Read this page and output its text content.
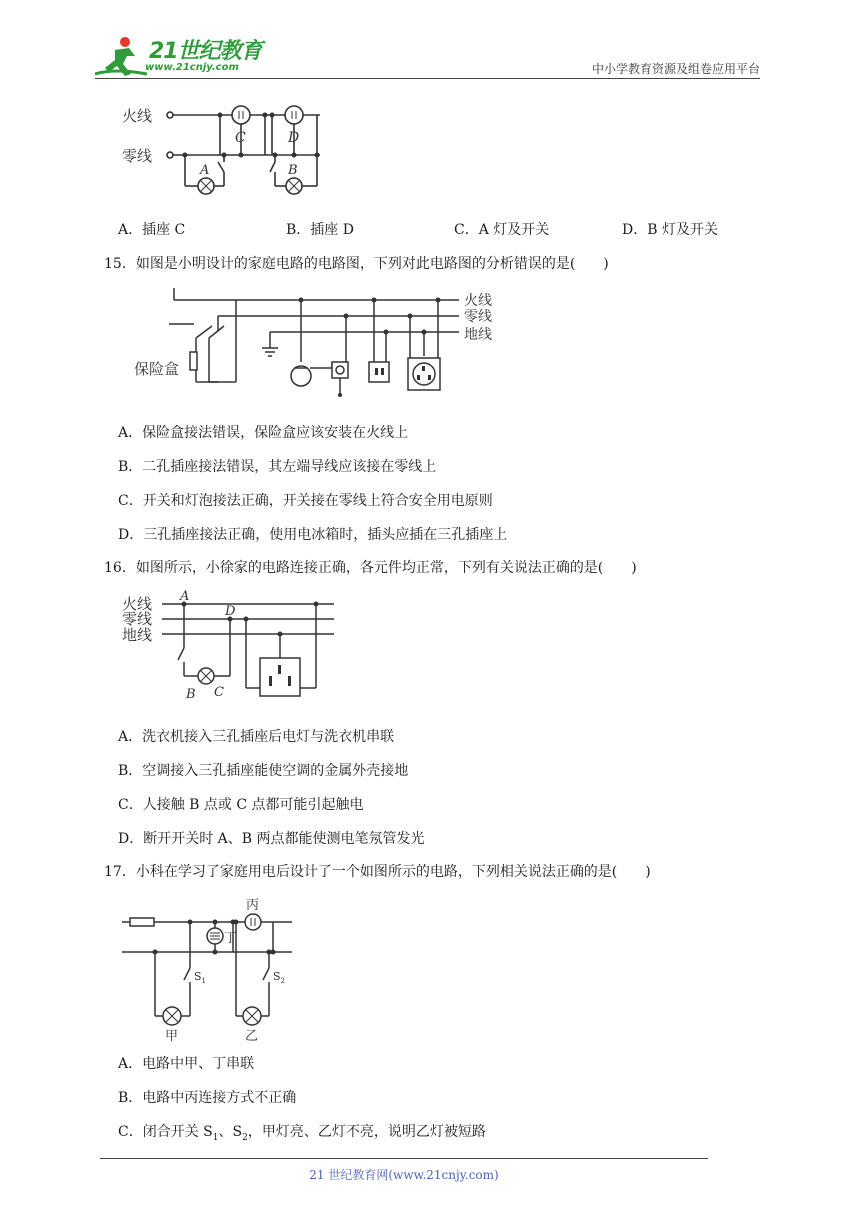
21世纪教育
www.21cnjy.com	中小学教育资源及组卷应用平台
火线
零线
C	D
A	B
A．插座 C	B．插座 D	C．A 灯及开关	D．B 灯及开关
15．如图是小明设计的家庭电路的电路图，下列对此电路图的分析错误的是(　　)
火线
零线
地线
保险盒
A．保险盒接法错误，保险盒应该安装在火线上
B．二孔插座接法错误，其左端导线应该接在零线上
C．开关和灯泡接法正确，开关接在零线上符合安全用电原则
D．三孔插座接法正确，使用电冰箱时，插头应插在三孔插座上
16．如图所示，小徐家的电路连接正确，各元件均正常，下列有关说法正确的是(　　)
火线
零线
地线
A
D
B C
A．洗衣机接入三孔插座后电灯与洗衣机串联
B．空调接入三孔插座能使空调的金属外壳接地
C．人接触 B 点或 C 点都可能引起触电
D．断开开关时 A、B 两点都能使测电笔氖管发光
17．小科在学习了家庭用电后设计了一个如图所示的电路，下列相关说法正确的是(　　)
丙
丁
甲	乙
$S_1$	$S_2$
A．电路中甲、丁串联
B．电路中丙连接方式不正确
C．闭合开关 $S_1$、$S_2$，甲灯亮、乙灯不亮，说明乙灯被短路
21 世纪教育网(www.21cnjy.com)
